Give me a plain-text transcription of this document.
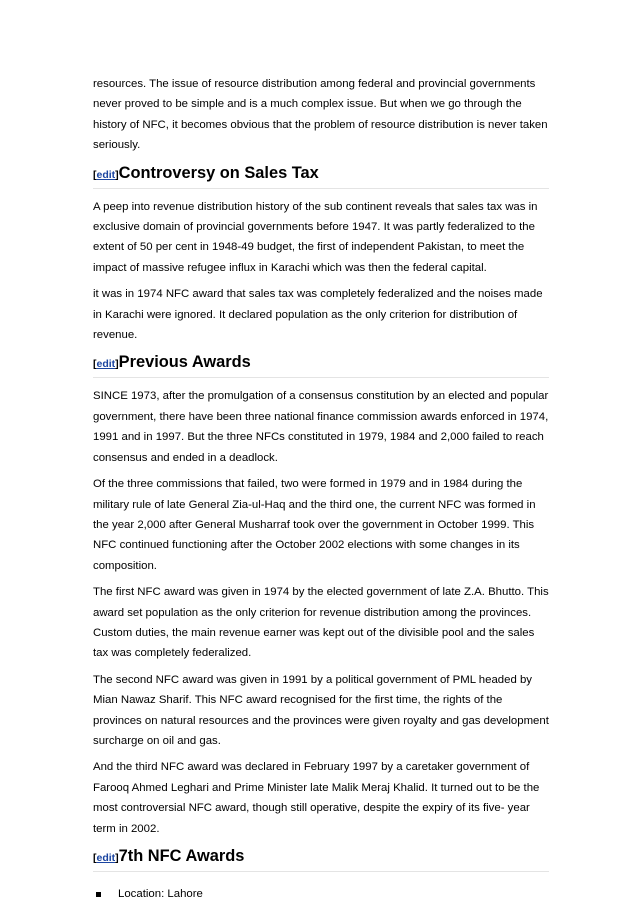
resources. The issue of resource distribution among federal and provincial governments never proved to be simple and is a much complex issue. But when we go through the history of NFC, it becomes obvious that the problem of resource distribution is never taken seriously.

[edit]Controversy on Sales Tax

A peep into revenue distribution history of the sub continent reveals that sales tax was in exclusive domain of provincial governments before 1947. It was partly federalized to the extent of 50 per cent in 1948-49 budget, the first of independent Pakistan, to meet the impact of massive refugee influx in Karachi which was then the federal capital.

it was in 1974 NFC award that sales tax was completely federalized and the noises made in Karachi were ignored. It declared population as the only criterion for distribution of revenue.

[edit]Previous Awards

SINCE 1973, after the promulgation of a consensus constitution by an elected and popular government, there have been three national finance commission awards enforced in 1974, 1991 and in 1997. But the three NFCs constituted in 1979, 1984 and 2,000 failed to reach consensus and ended in a deadlock.

Of the three commissions that failed, two were formed in 1979 and in 1984 during the military rule of late General Zia-ul-Haq and the third one, the current NFC was formed in the year 2,000 after General Musharraf took over the government in October 1999. This NFC continued functioning after the October 2002 elections with some changes in its composition.

The first NFC award was given in 1974 by the elected government of late Z.A. Bhutto. This award set population as the only criterion for revenue distribution among the provinces. Custom duties, the main revenue earner was kept out of the divisible pool and the sales tax was completely federalized.

The second NFC award was given in 1991 by a political government of PML headed by Mian Nawaz Sharif. This NFC award recognised for the first time, the rights of the provinces on natural resources and the provinces were given royalty and gas development surcharge on oil and gas.

And the third NFC award was declared in February 1997 by a caretaker government of Farooq Ahmed Leghari and Prime Minister late Malik Meraj Khalid. It turned out to be the most controversial NFC award, though still operative, despite the expiry of its five- year term in 2002.

[edit]7th NFC Awards
Location: Lahore
